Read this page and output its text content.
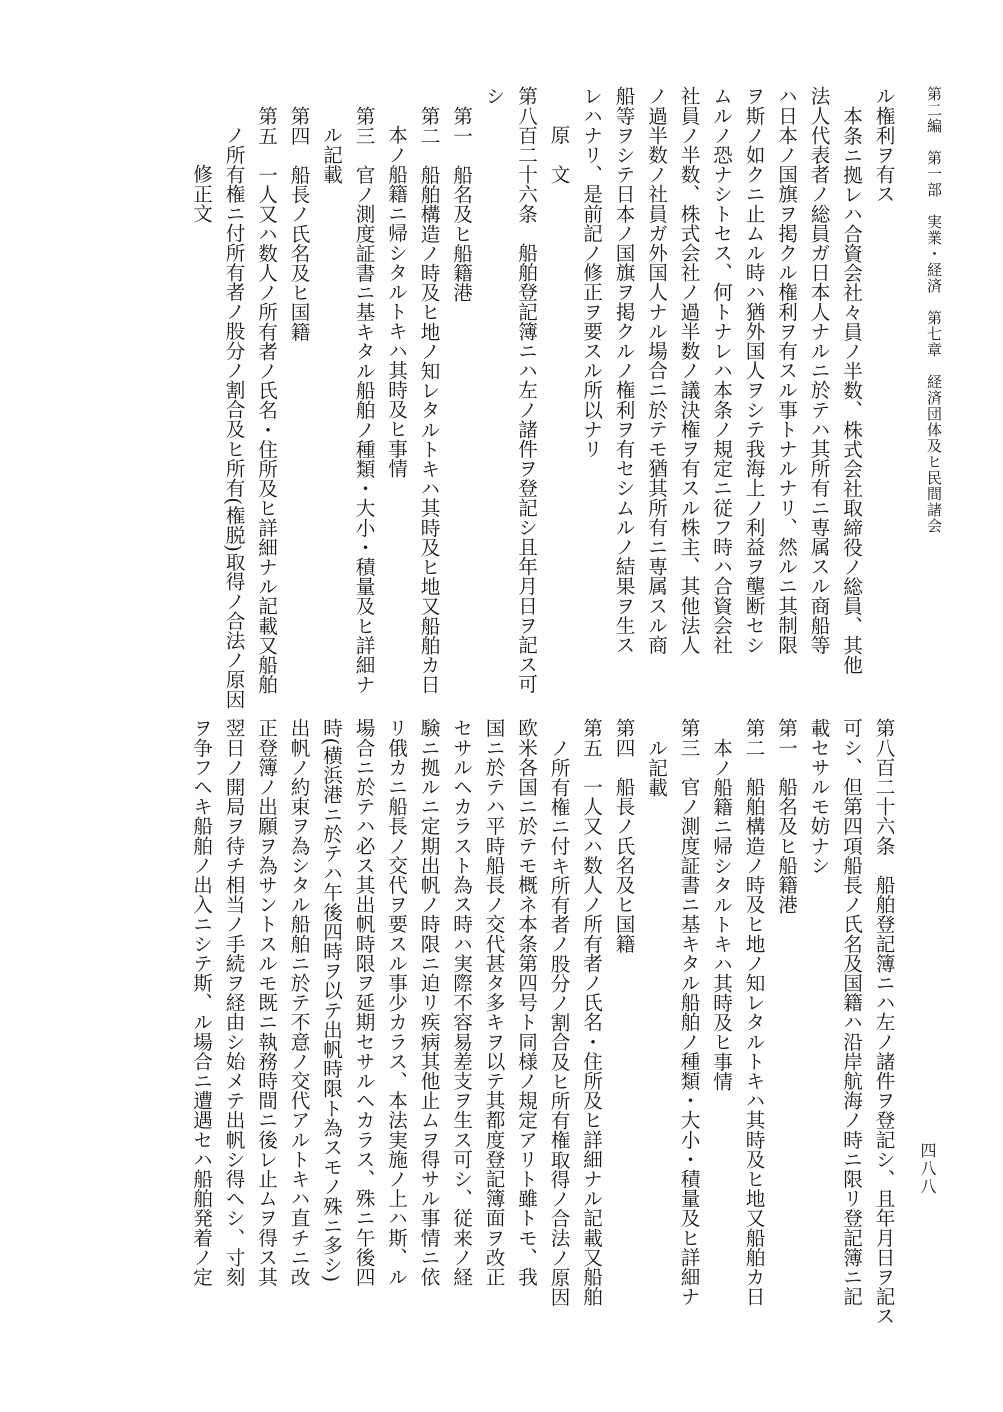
第二編　第一部　実業・経済　第七章　経済団体及ヒ民間諸会
ル権利ヲ有ス
本条ニ拠レハ合資会社々員ノ半数、株式会社取締役ノ総員、其他
法人代表者ノ総員ガ日本人ナルニ於テハ其所有ニ専属スル商船等
ハ日本ノ国旗ヲ掲クル権利ヲ有スル事トナルナリ、然ルニ其制限
ヲ斯ノ如クニ止ムル時ハ猶外国人ヲシテ我海上ノ利益ヲ壟断セシ
ムルノ恐ナシトセス、何トナレハ本条ノ規定ニ従フ時ハ合資会社
社員ノ半数、株式会社ノ過半数ノ議決権ヲ有スル株主、其他法人
ノ過半数ノ社員ガ外国人ナル場合ニ於テモ猶其所有ニ専属スル商
船等ヲシテ日本ノ国旗ヲ掲クルノ権利ヲ有セシムルノ結果ヲ生ス
レハナリ、是前記ノ修正ヲ要スル所以ナリ
原　文
第八百二十六条　船舶登記簿ニハ左ノ諸件ヲ登記シ且年月日ヲ記ス可
シ
第一　船名及ヒ船籍港
第二　船舶構造ノ時及ヒ地ノ知レタルトキハ其時及ヒ地又船舶カ日
本ノ船籍ニ帰シタルトキハ其時及ヒ事情
第三　官ノ測度証書ニ基キタル船舶ノ種類・大小・積量及ヒ詳細ナ
ル記載
第四　船長ノ氏名及ヒ国籍
第五　一人又ハ数人ノ所有者ノ氏名・住所及ヒ詳細ナル記載又船舶
ノ所有権ニ付所有者ノ股分ノ割合及ヒ所有(権脱)取得ノ合法ノ原因
修正文
四八八
第八百二十六条　船舶登記簿ニハ左ノ諸件ヲ登記シ、且年月日ヲ記ス
可シ、但第四項船長ノ氏名及国籍ハ沿岸航海ノ時ニ限リ登記簿ニ記
載セサルモ妨ナシ
第一　船名及ヒ船籍港
第二　船舶構造ノ時及ヒ地ノ知レタルトキハ其時及ヒ地又船舶カ日
本ノ船籍ニ帰シタルトキハ其時及ヒ事情
第三　官ノ測度証書ニ基キタル船舶ノ種類・大小・積量及ヒ詳細ナ
ル記載
第四　船長ノ氏名及ヒ国籍
第五　一人又ハ数人ノ所有者ノ氏名・住所及ヒ詳細ナル記載又船舶
ノ所有権ニ付キ所有者ノ股分ノ割合及ヒ所有権取得ノ合法ノ原因
欧米各国ニ於テモ概ネ本条第四号ト同様ノ規定アリト雖トモ、我
国ニ於テハ平時船長ノ交代甚タ多キヲ以テ其都度登記簿面ヲ改正
セサルヘカラスト為ス時ハ実際不容易差支ヲ生ス可シ、従来ノ経
験ニ拠ルニ定期出帆ノ時限ニ迫リ疾病其他止ムヲ得サル事情ニ依
リ俄カニ船長ノ交代ヲ要スル事少カラス、本法実施ノ上ハ斯、ル
場合ニ於テハ必ス其出帆時限ヲ延期セサルヘカラス、殊ニ午後四
時(横浜港ニ於テハ午後四時ヲ以テ出帆時限ト為スモノ殊ニ多シ)
出帆ノ約束ヲ為シタル船舶ニ於テ不意ノ交代アルトキハ直チニ改
正登簿ノ出願ヲ為サントスルモ既ニ執務時間ニ後レ止ムヲ得ス其
翌日ノ開局ヲ待チ相当ノ手続ヲ経由シ始メテ出帆シ得ヘシ、寸刻
ヲ争フヘキ船舶ノ出入ニシテ斯、ル場合ニ遭遇セハ船舶発着ノ定
